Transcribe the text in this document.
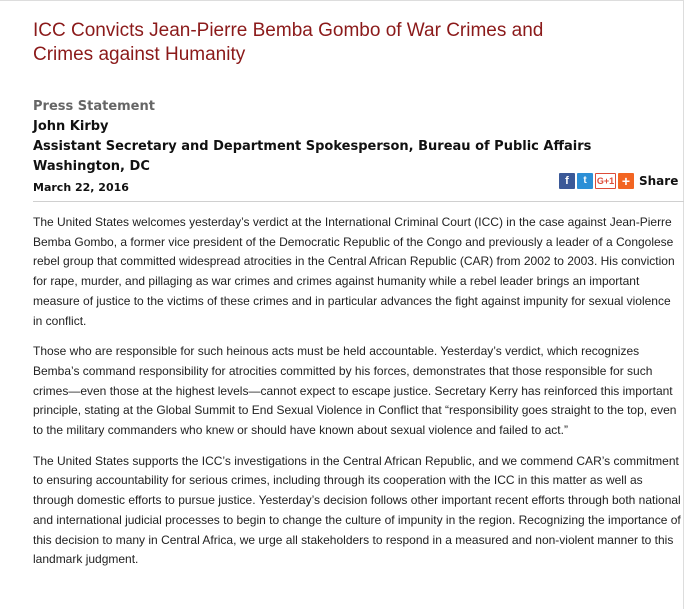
ICC Convicts Jean-Pierre Bemba Gombo of War Crimes and Crimes against Humanity
Press Statement
John Kirby
Assistant Secretary and Department Spokesperson, Bureau of Public Affairs
Washington, DC
March 22, 2016
f	t	G+1 + Share

The United States welcomes yesterday’s verdict at the International Criminal Court (ICC) in the case against Jean-Pierre Bemba Gombo, a former vice president of the Democratic Republic of the Congo and previously a leader of a Congolese rebel group that committed widespread atrocities in the Central African Republic (CAR) from 2002 to 2003. His conviction for rape, murder, and pillaging as war crimes and crimes against humanity while a rebel leader brings an important measure of justice to the victims of these crimes and in particular advances the fight against impunity for sexual violence in conflict.

Those who are responsible for such heinous acts must be held accountable. Yesterday’s verdict, which recognizes Bemba’s command responsibility for atrocities committed by his forces, demonstrates that those responsible for such crimes—even those at the highest levels—cannot expect to escape justice. Secretary Kerry has reinforced this important principle, stating at the Global Summit to End Sexual Violence in Conflict that “responsibility goes straight to the top, even to the military commanders who knew or should have known about sexual violence and failed to act.”

The United States supports the ICC’s investigations in the Central African Republic, and we commend CAR’s commitment to ensuring accountability for serious crimes, including through its cooperation with the ICC in this matter as well as through domestic efforts to pursue justice. Yesterday’s decision follows other important recent efforts through both national and international judicial processes to begin to change the culture of impunity in the region. Recognizing the importance of this decision to many in Central Africa, we urge all stakeholders to respond in a measured and non-violent manner to this landmark judgment.
